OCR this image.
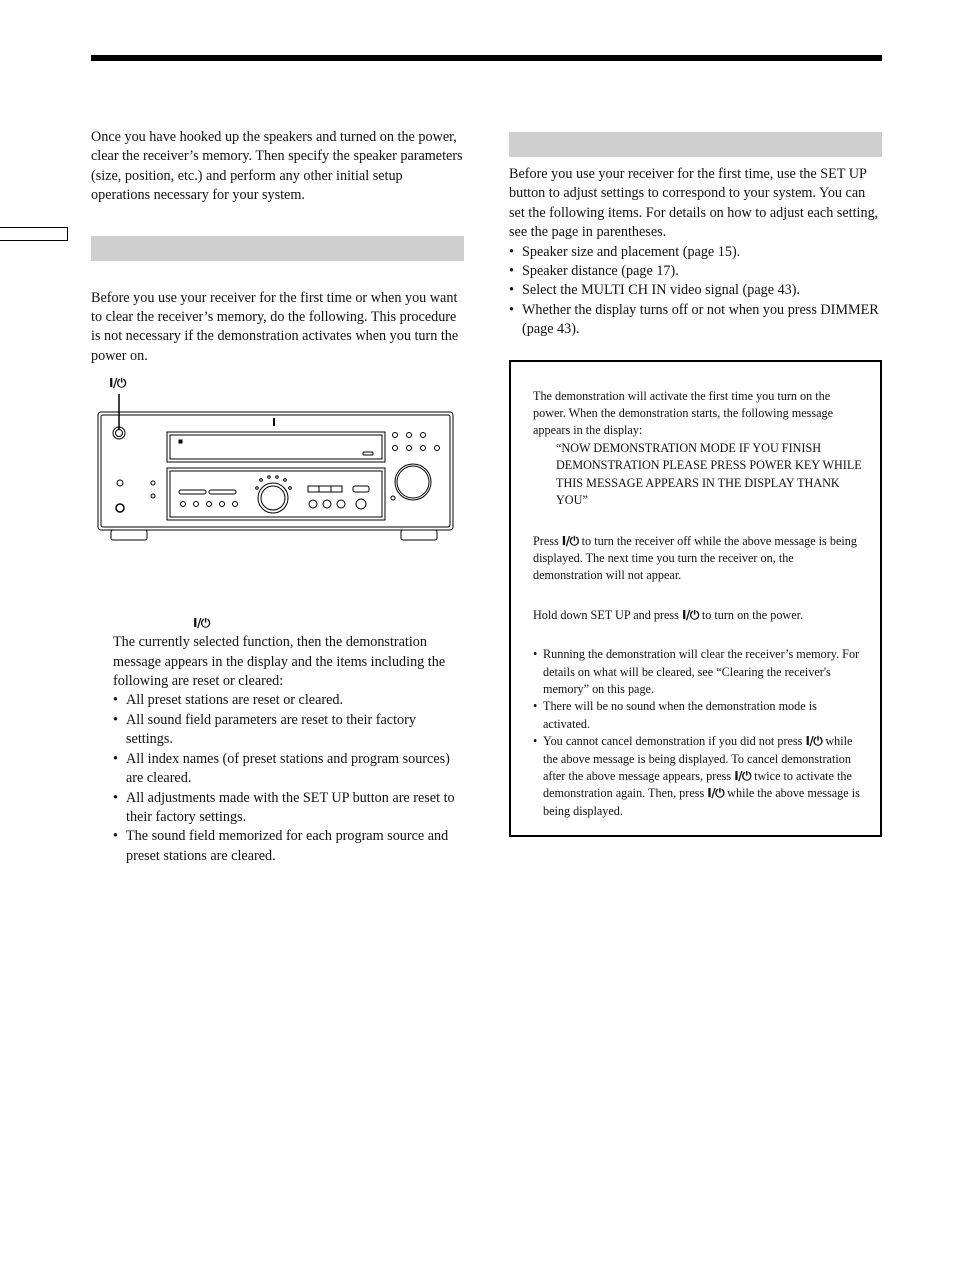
Once you have hooked up the speakers and turned on the power, clear the receiver’s memory. Then specify the speaker parameters (size, position, etc.) and perform any other initial setup operations necessary for your system.

Before you use your receiver for the first time or when you want to clear the receiver’s memory, do the following. This procedure is not necessary if the demonstration activates when you turn the power on.

I/⏻
I/⏻

The currently selected function, then the demonstration message appears in the display and the items including the following are reset or cleared:

• All preset stations are reset or cleared.
• All sound field parameters are reset to their factory settings.
• All index names (of preset stations and program sources) are cleared.
• All adjustments made with the SET UP button are reset to their factory settings.
• The sound field memorized for each program source and preset stations are cleared.

Before you use your receiver for the first time, use the SET UP button to adjust settings to correspond to your system. You can set the following items. For details on how to adjust each setting, see the page in parentheses.

• Speaker size and placement (page 15).
• Speaker distance (page 17).
• Select the MULTI CH IN video signal (page 43).
• Whether the display turns off or not when you press DIMMER (page 43).

The demonstration will activate the first time you turn on the power. When the demonstration starts, the following message appears in the display:

“NOW DEMONSTRATION MODE IF YOU FINISH DEMONSTRATION PLEASE PRESS POWER KEY WHILE THIS MESSAGE APPEARS IN THE DISPLAY THANK YOU”

Press I/⏻ to turn the receiver off while the above message is being displayed. The next time you turn the receiver on, the demonstration will not appear.

Hold down SET UP and press I/⏻ to turn on the power.

• Running the demonstration will clear the receiver’s memory. For details on what will be cleared, see “Clearing the receiver's memory” on this page.
• There will be no sound when the demonstration mode is activated.
• You cannot cancel demonstration if you did not press I/⏻ while the above message is being displayed. To cancel demonstration after the above message appears, press I/⏻ twice to activate the demonstration again. Then, press I/⏻ while the above message is being displayed.
